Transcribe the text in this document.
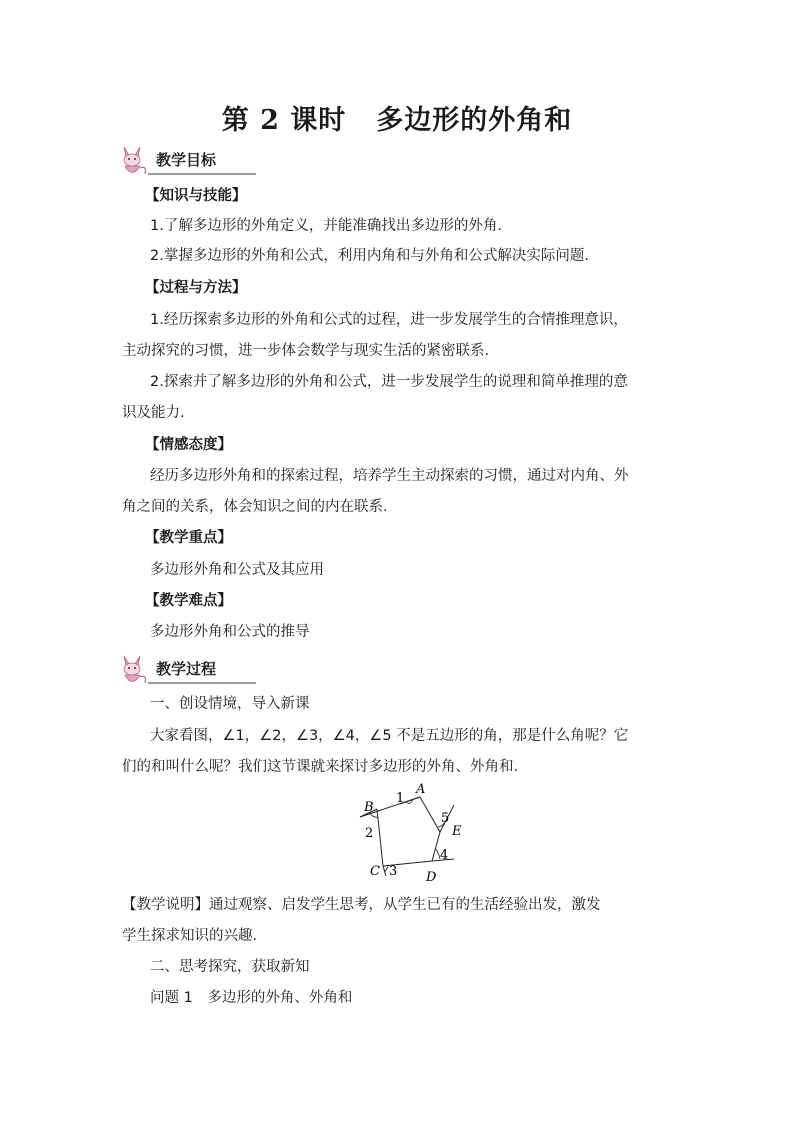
第 2 课时 多边形的外角和
教学目标
【知识与技能】
1.了解多边形的外角定义，并能准确找出多边形的外角.
2.掌握多边形的外角和公式，利用内角和与外角和公式解决实际问题.
【过程与方法】
1.经历探索多边形的外角和公式的过程，进一步发展学生的合情推理意识，
主动探究的习惯，进一步体会数学与现实生活的紧密联系.
2.探索并了解多边形的外角和公式，进一步发展学生的说理和简单推理的意
识及能力.
【情感态度】
经历多边形外角和的探索过程，培养学生主动探索的习惯，通过对内角、外
角之间的关系，体会知识之间的内在联系.
【教学重点】
多边形外角和公式及其应用
【教学难点】
多边形外角和公式的推导
教学过程
一、创设情境，导入新课
大家看图，∠1，∠2，∠3，∠4，∠5 不是五边形的角，那是什么角呢？它
们的和叫什么呢？我们这节课就来探讨多边形的外角、外角和.
A
B
C	D
E
1
2
3
4
5
【教学说明】通过观察、启发学生思考，从学生已有的生活经验出发，激发
学生探求知识的兴趣.
二、思考探究，获取新知
问题 1　多边形的外角、外角和
